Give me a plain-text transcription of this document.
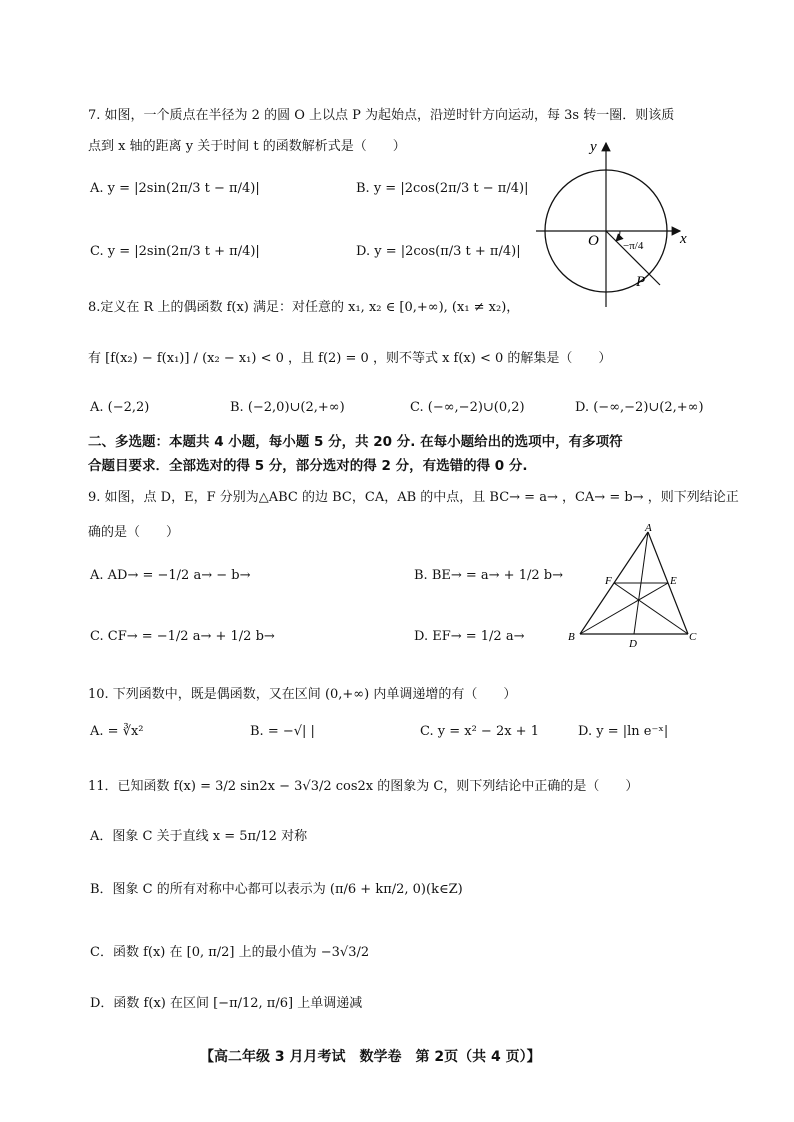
7. 如图，一个质点在半径为 2 的圆 O 上以点 P 为起始点，沿逆时针方向运动，每 3s 转一圈．则该质
点到 x 轴的距离 y 关于时间 t 的函数解析式是（　　）
A. y = |2sin(2π/3 t − π/4)|	B. y = |2cos(2π/3 t − π/4)|
C. y = |2sin(2π/3 t + π/4)|	D. y = |2cos(π/3 t + π/4)|
y
x
O
P
−π/4
8.定义在 R 上的偶函数 f(x) 满足：对任意的 x₁, x₂ ∈ [0,+∞), (x₁ ≠ x₂)，
有 [f(x₂) − f(x₁)] / (x₂ − x₁) < 0 ，且 f(2) = 0 ，则不等式 x f(x) < 0 的解集是（　　）
A. (−2,2)	B. (−2,0)∪(2,+∞)	C. (−∞,−2)∪(0,2)	D. (−∞,−2)∪(2,+∞)
二、多选题：本题共 4 小题，每小题 5 分，共 20 分. 在每小题给出的选项中，有多项符
合题目要求．全部选对的得 5 分，部分选对的得 2 分，有选错的得 0 分.
9. 如图，点 D，E，F 分别为△ABC 的边 BC，CA，AB 的中点，且 BC→ = a→ ，CA→ = b→ ，则下列结论正
确的是（　　）
A. AD→ = −1/2 a→ − b→	B. BE→ = a→ + 1/2 b→
C. CF→ = −1/2 a→ + 1/2 b→	D. EF→ = 1/2 a→
A
B	C
D
E
F
10. 下列函数中，既是偶函数，又在区间 (0,+∞) 内单调递增的有（　　）
A. = ∛x²	B. = −√| |	C. y = x² − 2x + 1	D. y = |ln e⁻ˣ|
11．已知函数 f(x) = 3/2 sin2x − 3√3/2 cos2x 的图象为 C，则下列结论中正确的是（　　）
A．图象 C 关于直线 x = 5π/12 对称
B．图象 C 的所有对称中心都可以表示为 (π/6 + kπ/2, 0)(k∈Z)
C．函数 f(x) 在 [0, π/2] 上的最小值为 −3√3/2
D．函数 f(x) 在区间 [−π/12, π/6] 上单调递减
【高二年级 3 月月考试　数学卷　第 2页（共 4 页）】
